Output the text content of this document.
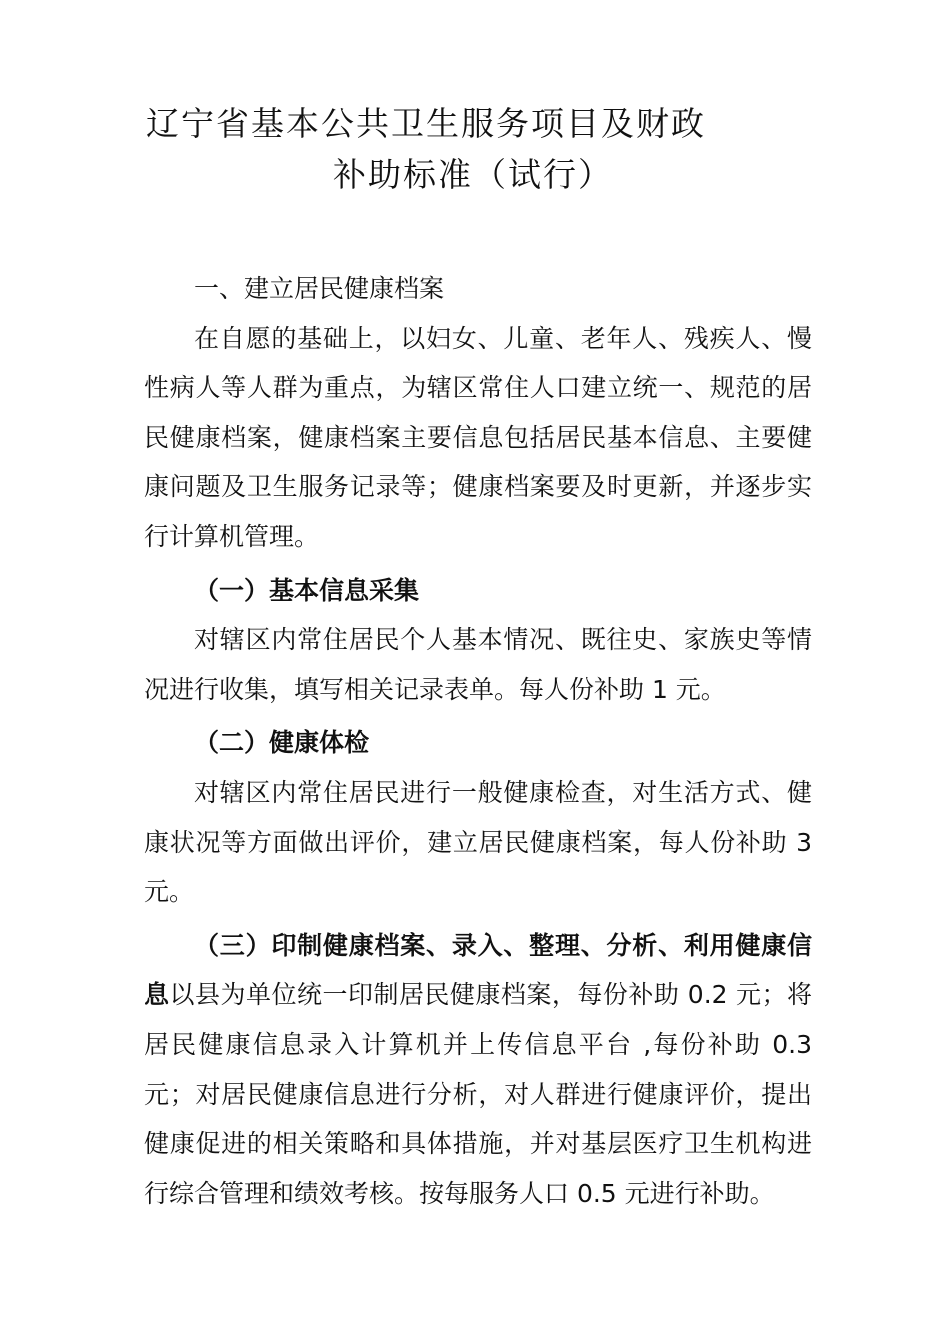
辽宁省基本公共卫生服务项目及财政
补助标准（试行）

一、建立居民健康档案

在自愿的基础上，以妇女、儿童、老年人、残疾人、慢性病人等人群为重点，为辖区常住人口建立统一、规范的居民健康档案，健康档案主要信息包括居民基本信息、主要健康问题及卫生服务记录等；健康档案要及时更新，并逐步实行计算机管理。

（一）基本信息采集

对辖区内常住居民个人基本情况、既往史、家族史等情况进行收集，填写相关记录表单。每人份补助 1 元。

（二）健康体检

对辖区内常住居民进行一般健康检查，对生活方式、健康状况等方面做出评价，建立居民健康档案，每人份补助 3 元。

（三）印制健康档案、录入、整理、分析、利用健康信息以县为单位统一印制居民健康档案，每份补助 0.2 元；将居民健康信息录入计算机并上传信息平台 ,每份补助 0.3 元；对居民健康信息进行分析，对人群进行健康评价，提出健康促进的相关策略和具体措施，并对基层医疗卫生机构进行综合管理和绩效考核。按每服务人口 0.5 元进行补助。
